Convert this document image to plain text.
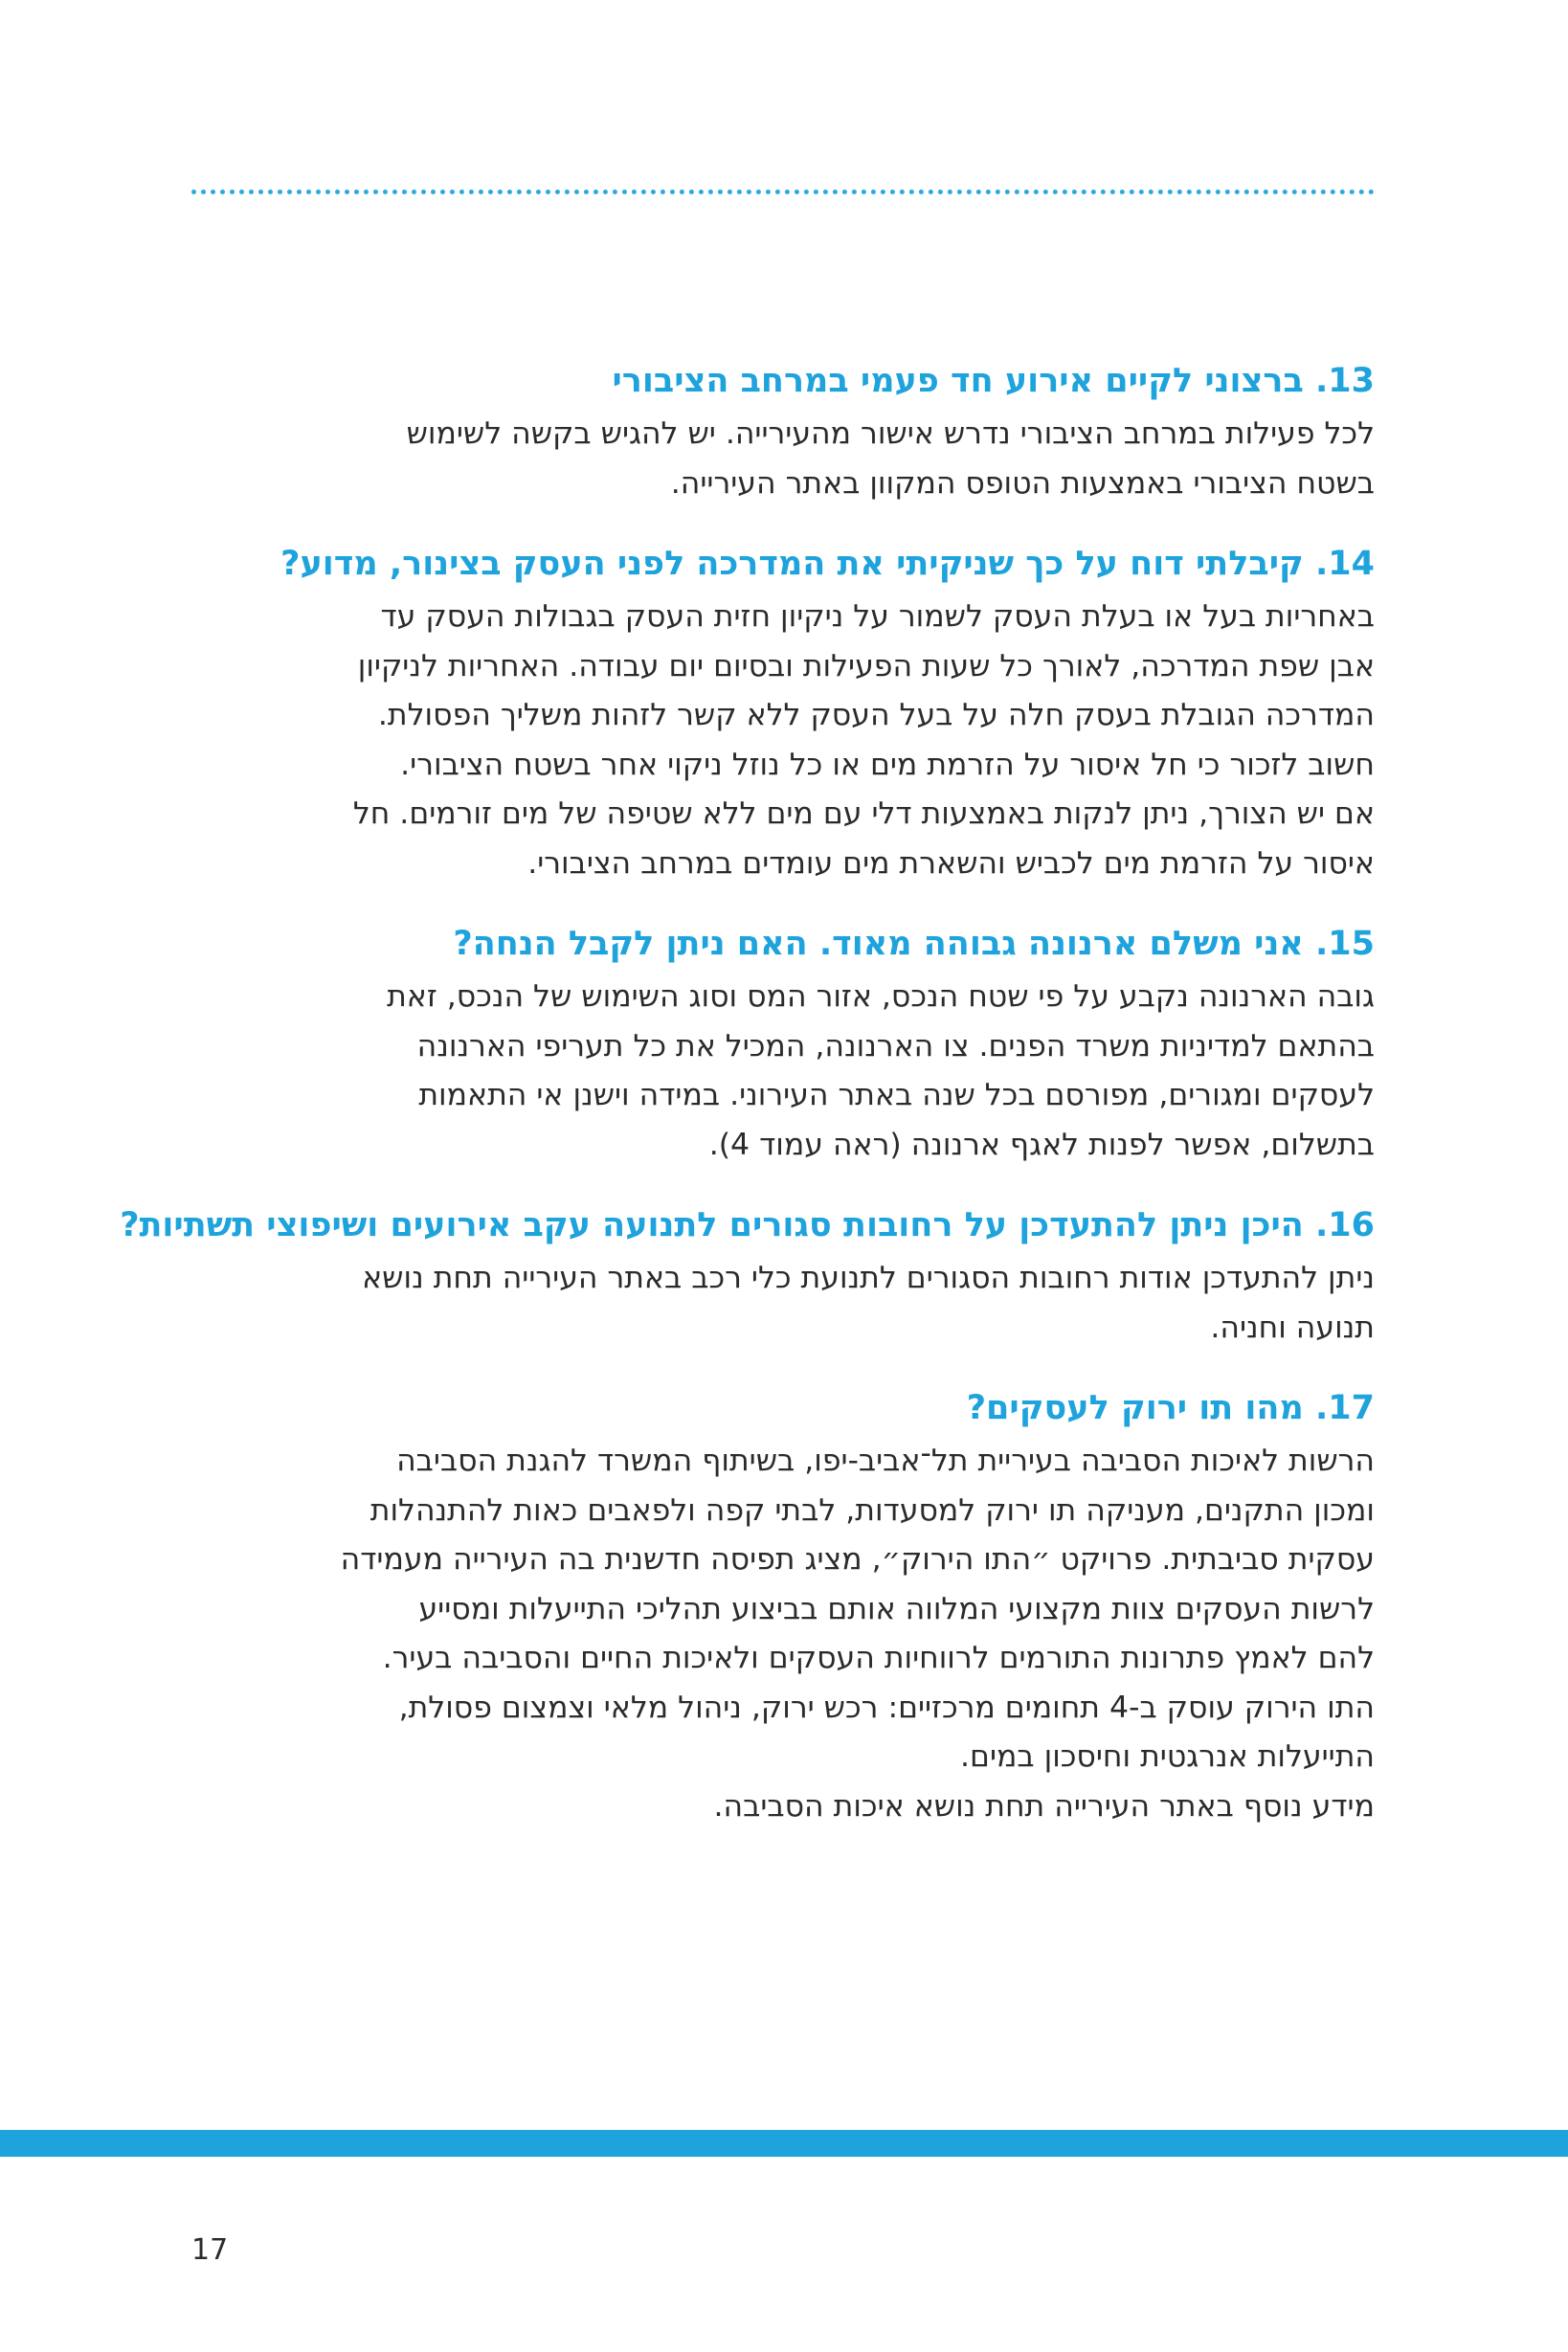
13. ברצוני לקיים אירוע חד פעמי במרחב הציבורי

לכל פעילות במרחב הציבורי נדרש אישור מהעירייה. יש להגיש בקשה לשימוש

בשטח הציבורי באמצעות הטופס המקוון באתר העירייה.

14. קיבלתי דוח על כך שניקיתי את המדרכה לפני העסק בצינור, מדוע?

באחריות בעל או בעלת העסק לשמור על ניקיון חזית העסק בגבולות העסק עד

אבן שפת המדרכה, לאורך כל שעות הפעילות ובסיום יום עבודה. האחריות לניקיון

המדרכה הגובלת בעסק חלה על בעל העסק ללא קשר לזהות משליך הפסולת.

חשוב לזכור כי חל איסור על הזרמת מים או כל נוזל ניקוי אחר בשטח הציבורי.

אם יש הצורך, ניתן לנקות באמצעות דלי עם מים ללא שטיפה של מים זורמים. חל

איסור על הזרמת מים לכביש והשארת מים עומדים במרחב הציבורי.

15. אני משלם ארנונה גבוהה מאוד. האם ניתן לקבל הנחה?

גובה הארנונה נקבע על פי שטח הנכס, אזור המס וסוג השימוש של הנכס, זאת

בהתאם למדיניות משרד הפנים. צו הארנונה, המכיל את כל תעריפי הארנונה

לעסקים ומגורים, מפורסם בכל שנה באתר העירוני. במידה וישנן אי התאמות

בתשלום, אפשר לפנות לאגף ארנונה (ראה עמוד 4).

16. היכן ניתן להתעדכן על רחובות סגורים לתנועה עקב אירועים ושיפוצי תשתיות?

ניתן להתעדכן אודות רחובות הסגורים לתנועת כלי רכב באתר העירייה תחת נושא

תנועה וחניה.

17. מהו תו ירוק לעסקים?

הרשות לאיכות הסביבה בעיריית תל־אביב-יפו, בשיתוף המשרד להגנת הסביבה

ומכון התקנים, מעניקה תו ירוק למסעדות, לבתי קפה ולפאבים כאות להתנהלות

עסקית סביבתית. פרויקט ״התו הירוק״, מציג תפיסה חדשנית בה העירייה מעמידה

לרשות העסקים צוות מקצועי המלווה אותם בביצוע תהליכי התייעלות ומסייע

להם לאמץ פתרונות התורמים לרווחיות העסקים ולאיכות החיים והסביבה בעיר.

התו הירוק עוסק ב-4 תחומים מרכזיים: רכש ירוק, ניהול מלאי וצמצום פסולת,

התייעלות אנרגטית וחיסכון במים.

מידע נוסף באתר העירייה תחת נושא איכות הסביבה.

17
